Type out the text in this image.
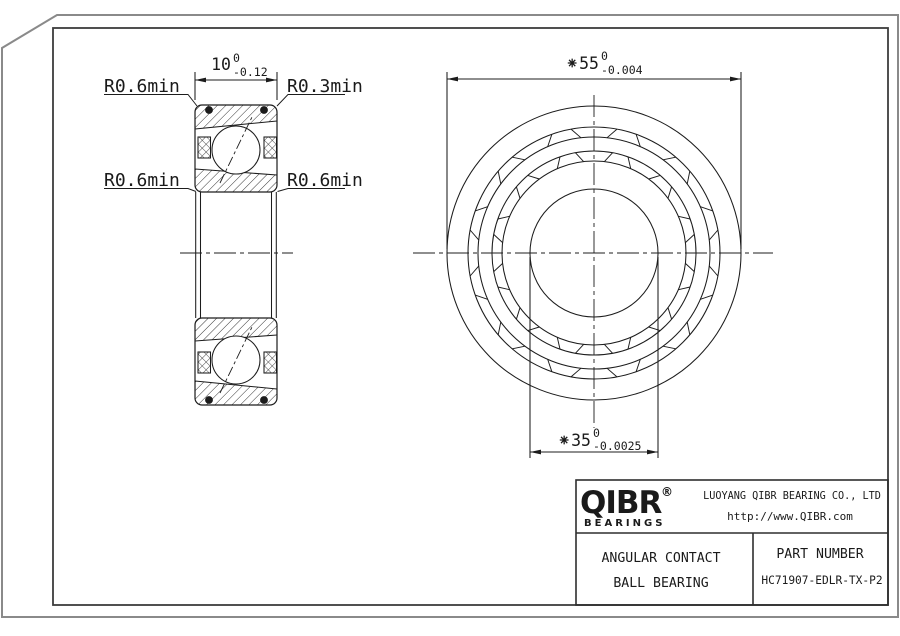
10 0
-0.12
R0.6min	R0.3min
R0.6min	R0.6min
⁕55 0
-0.004
⁕35 0
-0.0025
QIBR ®
BEARINGS
LUOYANG QIBR BEARING CO., LTD
http://www.QIBR.com
ANGULAR CONTACT
BALL BEARING
PART NUMBER
HC71907-EDLR-TX-P2
